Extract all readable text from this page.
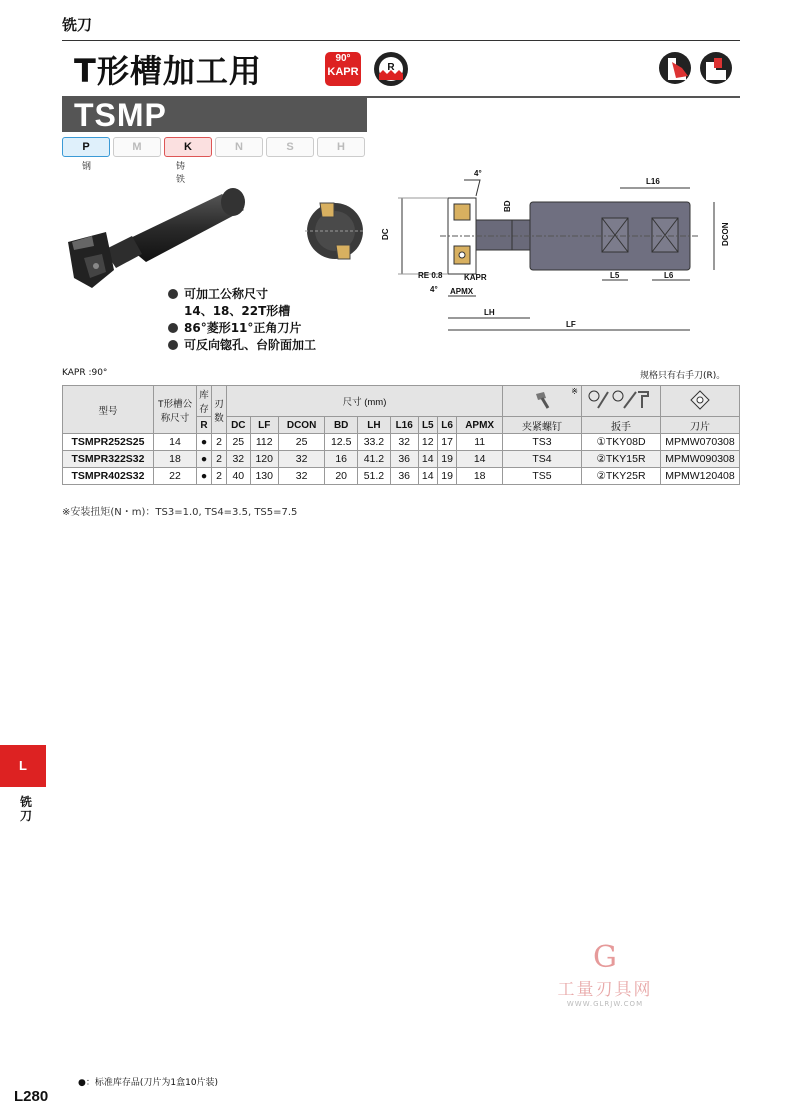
铣刀
T形槽加工用	90°
KAPR	R
TSMP
P
钢
M	K
铸铁
N	S	H
DC
BD
4°
L16
DCON
L5	L6
RE 0.8	KAPR
4° APMX
LH
LF
可加工公称尺寸
14、18、22T形槽
86°菱形11°正角刀片
可反向锪孔、台阶面加工
KAPR :90°	规格只有右手刀(R)。
型号	T形槽公称尺寸	库存	刃数	尺寸 (mm)									※

		R		DC	LF	DCON	BD	LH	L16	L5	L6	APMX	夹紧螺钉	扳手	刀片
TSMPR252S25	14	●	2	25	112	25	12.5	33.2	32	12	17	11	TS3	①TKY08D	MPMW070308
TSMPR322S32	18	●	2	32	120	32	16	41.2	36	14	19	14	TS4	②TKY15R	MPMW090308
TSMPR402S32	22	●	2	40	130	32	20	51.2	36	14	19	18	TS5	②TKY25R	MPMW120408
※安装扭矩(N・m)：TS3=1.0, TS4=3.5, TS5=7.5
L
铣刀
G
工量刃具网
WWW.GLRJW.COM
●：标准库存品(刀片为1盒10片装)
L280
